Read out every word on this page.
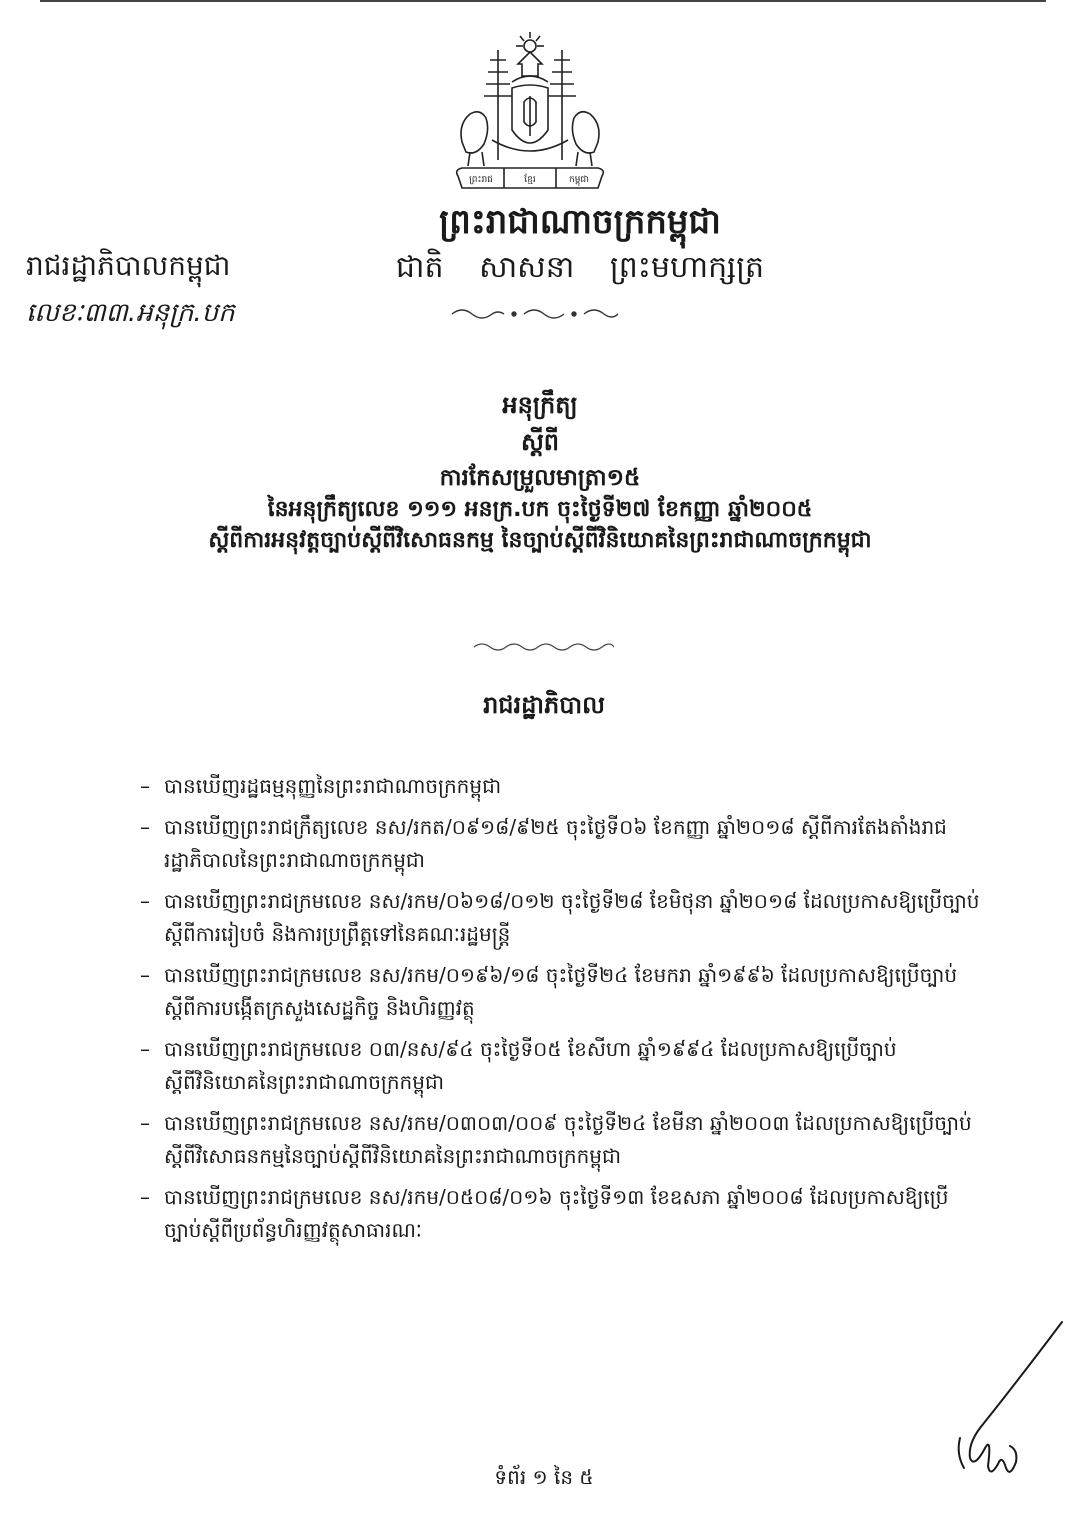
ព្រះរាជ	ខ្មែរ	កម្ពុជា
ព្រះរាជាណាចក្រកម្ពុជា
ជាតិ សាសនា ព្រះមហាក្សត្រ
រាជរដ្ឋាភិបាលកម្ពុជា
លេខៈ៣៣.អនុក្រ.បក
អនុក្រឹត្យ
ស្តីពី
ការកែសម្រួលមាត្រា១៥
នៃអនុក្រឹត្យលេខ ១១១ អនក្រ.បក ចុះថ្ងៃទី២៧ ខែកញ្ញា ឆ្នាំ២០០៥
ស្តីពីការអនុវត្តច្បាប់ស្តីពីវិសោធនកម្ម នៃច្បាប់ស្តីពីវិនិយោគនៃព្រះរាជាណាចក្រកម្ពុជា
រាជរដ្ឋាភិបាល
– បានឃើញរដ្ឋធម្មនុញ្ញនៃព្រះរាជាណាចក្រកម្ពុជា
– បានឃើញព្រះរាជក្រឹត្យលេខ នស/រកត/០៩១៨/៩២៥ ចុះថ្ងៃទី០៦ ខែកញ្ញា ឆ្នាំ២០១៨ ស្តីពីការតែងតាំងរាជរដ្ឋាភិបាលនៃព្រះរាជាណាចក្រកម្ពុជា
– បានឃើញព្រះរាជក្រមលេខ នស/រកម/០៦១៨/០១២ ចុះថ្ងៃទី២៨ ខែមិថុនា ឆ្នាំ២០១៨ ដែលប្រកាសឱ្យប្រើច្បាប់ស្តីពីការរៀបចំ និងការប្រព្រឹត្តទៅនៃគណៈរដ្ឋមន្ត្រី
– បានឃើញព្រះរាជក្រមលេខ នស/រកម/០១៩៦/១៨ ចុះថ្ងៃទី២៤ ខែមករា ឆ្នាំ១៩៩៦ ដែលប្រកាសឱ្យប្រើច្បាប់ស្តីពីការបង្កើតក្រសួងសេដ្ឋកិច្ច និងហិរញ្ញវត្ថុ
– បានឃើញព្រះរាជក្រមលេខ ០៣/នស/៩៤ ចុះថ្ងៃទី០៥ ខែសីហា ឆ្នាំ១៩៩៤ ដែលប្រកាសឱ្យប្រើច្បាប់ស្តីពីវិនិយោគនៃព្រះរាជាណាចក្រកម្ពុជា
– បានឃើញព្រះរាជក្រមលេខ នស/រកម/០៣០៣/០០៩ ចុះថ្ងៃទី២៤ ខែមីនា ឆ្នាំ២០០៣ ដែលប្រកាសឱ្យប្រើច្បាប់ស្តីពីវិសោធនកម្មនៃច្បាប់ស្តីពីវិនិយោគនៃព្រះរាជាណាចក្រកម្ពុជា
– បានឃើញព្រះរាជក្រមលេខ នស/រកម/០៥០៨/០១៦ ចុះថ្ងៃទី១៣ ខែឧសភា ឆ្នាំ២០០៨ ដែលប្រកាសឱ្យប្រើច្បាប់ស្តីពីប្រព័ន្ធហិរញ្ញវត្ថុសាធារណៈ
ទំព័រ ១ នៃ ៥
